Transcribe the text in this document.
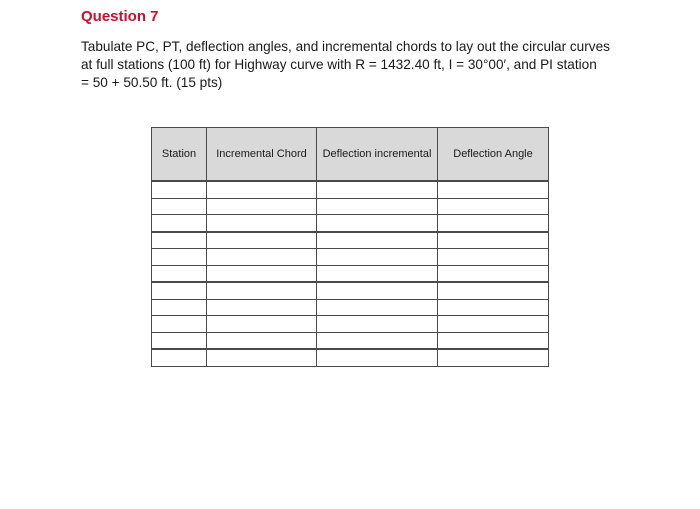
Question 7

Tabulate PC, PT, deflection angles, and incremental chords to lay out the circular curves
at full stations (100 ft) for Highway curve with R = 1432.40 ft, I = 30°00′, and PI station
= 50 + 50.50 ft. (15 pts)

Station	Incremental Chord	Deflection incremental	Deflection Angle
